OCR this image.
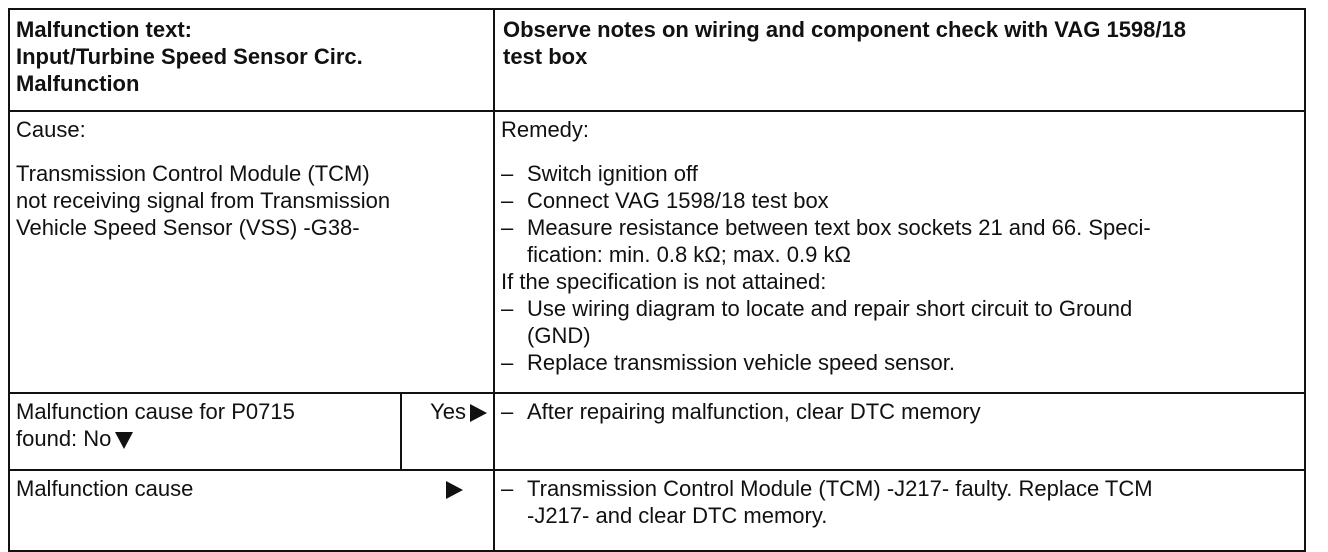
Malfunction text:
Input/Turbine Speed Sensor Circ.
Malfunction
Observe notes on wiring and component check with VAG 1598/18
test box
Cause:
Transmission Control Module (TCM)
not receiving signal from Transmission
Vehicle Speed Sensor (VSS) -G38-
Remedy:
– Switch ignition off
– Connect VAG 1598/18 test box
– Measure resistance between text box sockets 21 and 66. Speci-
fication: min. 0.8 kΩ; max. 0.9 kΩ
If the specification is not attained:
– Use wiring diagram to locate and repair short circuit to Ground
(GND)
– Replace transmission vehicle speed sensor.
Malfunction cause for P0715
found: No
Yes	– After repairing malfunction, clear DTC memory
Malfunction cause	– Transmission Control Module (TCM) -J217- faulty. Replace TCM
-J217- and clear DTC memory.
